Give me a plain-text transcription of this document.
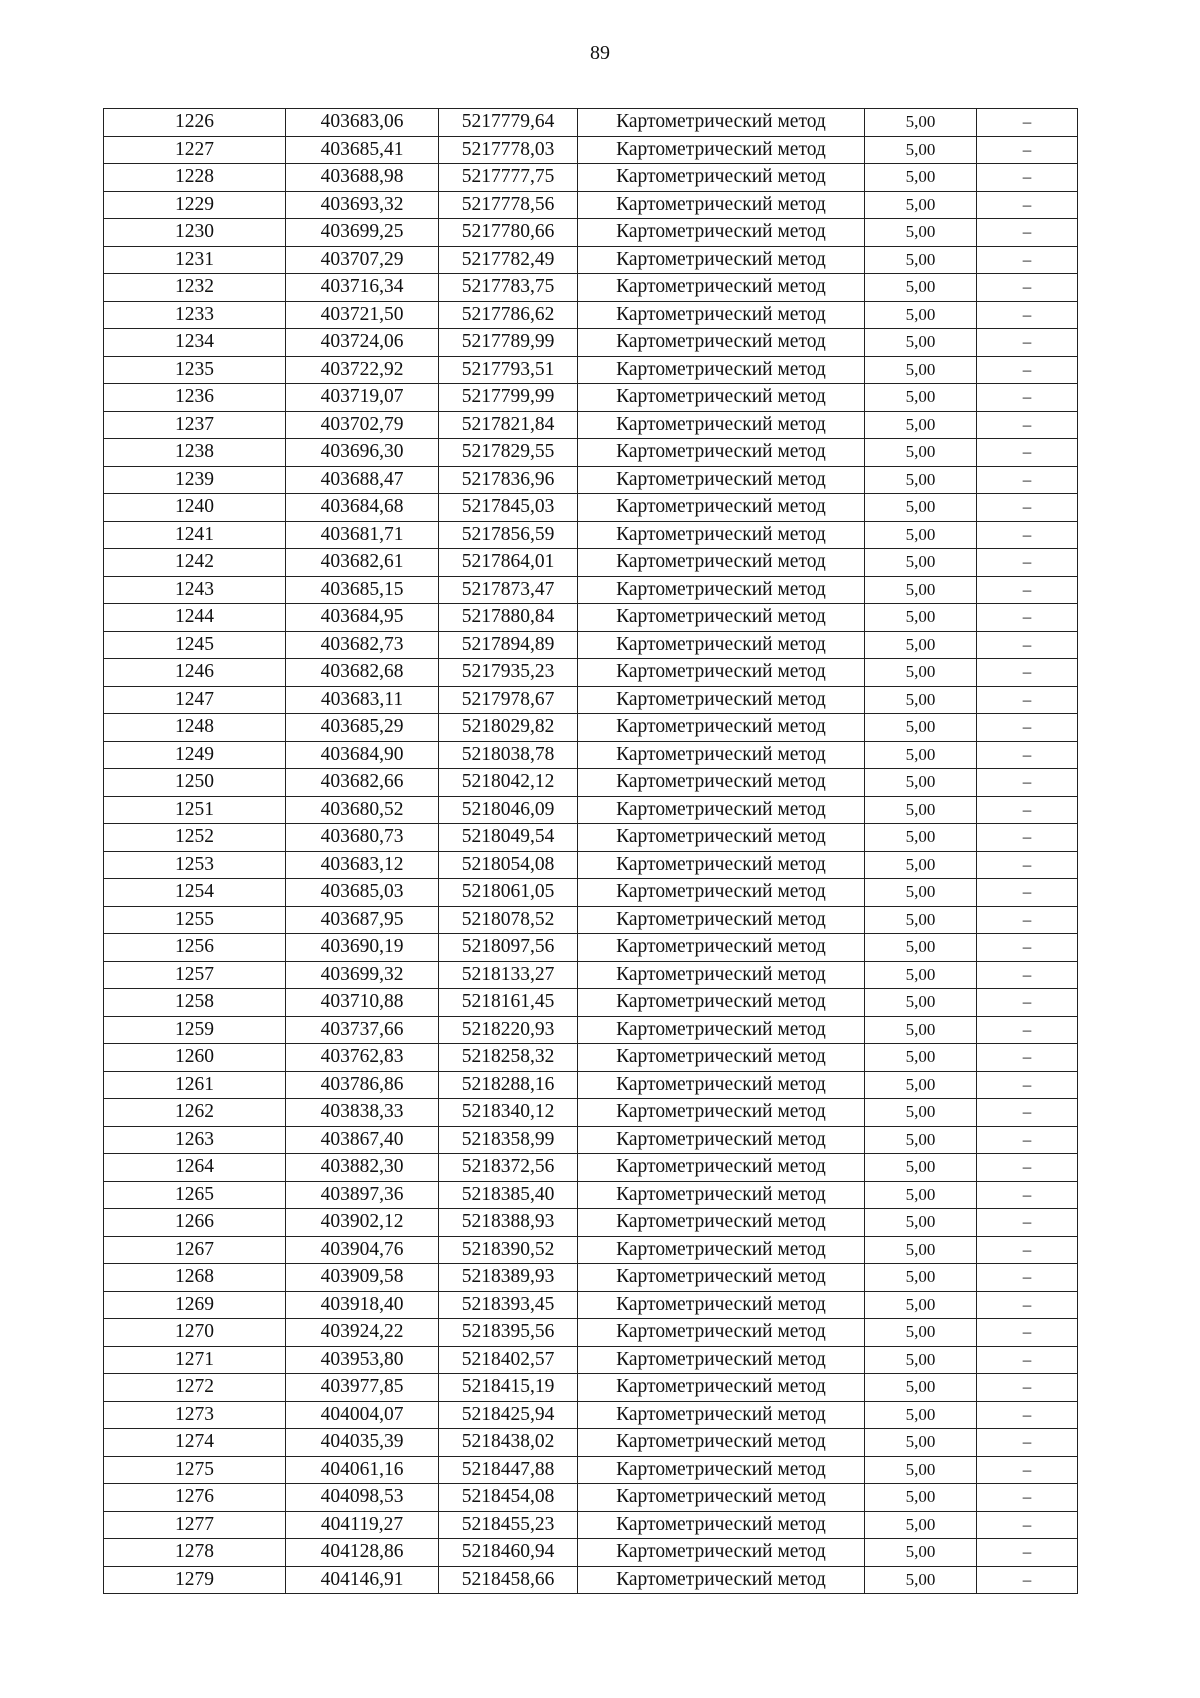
89
1226	403683,06	5217779,64	Картометрический метод	5,00	–
1227	403685,41	5217778,03	Картометрический метод	5,00	–
1228	403688,98	5217777,75	Картометрический метод	5,00	–
1229	403693,32	5217778,56	Картометрический метод	5,00	–
1230	403699,25	5217780,66	Картометрический метод	5,00	–
1231	403707,29	5217782,49	Картометрический метод	5,00	–
1232	403716,34	5217783,75	Картометрический метод	5,00	–
1233	403721,50	5217786,62	Картометрический метод	5,00	–
1234	403724,06	5217789,99	Картометрический метод	5,00	–
1235	403722,92	5217793,51	Картометрический метод	5,00	–
1236	403719,07	5217799,99	Картометрический метод	5,00	–
1237	403702,79	5217821,84	Картометрический метод	5,00	–
1238	403696,30	5217829,55	Картометрический метод	5,00	–
1239	403688,47	5217836,96	Картометрический метод	5,00	–
1240	403684,68	5217845,03	Картометрический метод	5,00	–
1241	403681,71	5217856,59	Картометрический метод	5,00	–
1242	403682,61	5217864,01	Картометрический метод	5,00	–
1243	403685,15	5217873,47	Картометрический метод	5,00	–
1244	403684,95	5217880,84	Картометрический метод	5,00	–
1245	403682,73	5217894,89	Картометрический метод	5,00	–
1246	403682,68	5217935,23	Картометрический метод	5,00	–
1247	403683,11	5217978,67	Картометрический метод	5,00	–
1248	403685,29	5218029,82	Картометрический метод	5,00	–
1249	403684,90	5218038,78	Картометрический метод	5,00	–
1250	403682,66	5218042,12	Картометрический метод	5,00	–
1251	403680,52	5218046,09	Картометрический метод	5,00	–
1252	403680,73	5218049,54	Картометрический метод	5,00	–
1253	403683,12	5218054,08	Картометрический метод	5,00	–
1254	403685,03	5218061,05	Картометрический метод	5,00	–
1255	403687,95	5218078,52	Картометрический метод	5,00	–
1256	403690,19	5218097,56	Картометрический метод	5,00	–
1257	403699,32	5218133,27	Картометрический метод	5,00	–
1258	403710,88	5218161,45	Картометрический метод	5,00	–
1259	403737,66	5218220,93	Картометрический метод	5,00	–
1260	403762,83	5218258,32	Картометрический метод	5,00	–
1261	403786,86	5218288,16	Картометрический метод	5,00	–
1262	403838,33	5218340,12	Картометрический метод	5,00	–
1263	403867,40	5218358,99	Картометрический метод	5,00	–
1264	403882,30	5218372,56	Картометрический метод	5,00	–
1265	403897,36	5218385,40	Картометрический метод	5,00	–
1266	403902,12	5218388,93	Картометрический метод	5,00	–
1267	403904,76	5218390,52	Картометрический метод	5,00	–
1268	403909,58	5218389,93	Картометрический метод	5,00	–
1269	403918,40	5218393,45	Картометрический метод	5,00	–
1270	403924,22	5218395,56	Картометрический метод	5,00	–
1271	403953,80	5218402,57	Картометрический метод	5,00	–
1272	403977,85	5218415,19	Картометрический метод	5,00	–
1273	404004,07	5218425,94	Картометрический метод	5,00	–
1274	404035,39	5218438,02	Картометрический метод	5,00	–
1275	404061,16	5218447,88	Картометрический метод	5,00	–
1276	404098,53	5218454,08	Картометрический метод	5,00	–
1277	404119,27	5218455,23	Картометрический метод	5,00	–
1278	404128,86	5218460,94	Картометрический метод	5,00	–
1279	404146,91	5218458,66	Картометрический метод	5,00	–
